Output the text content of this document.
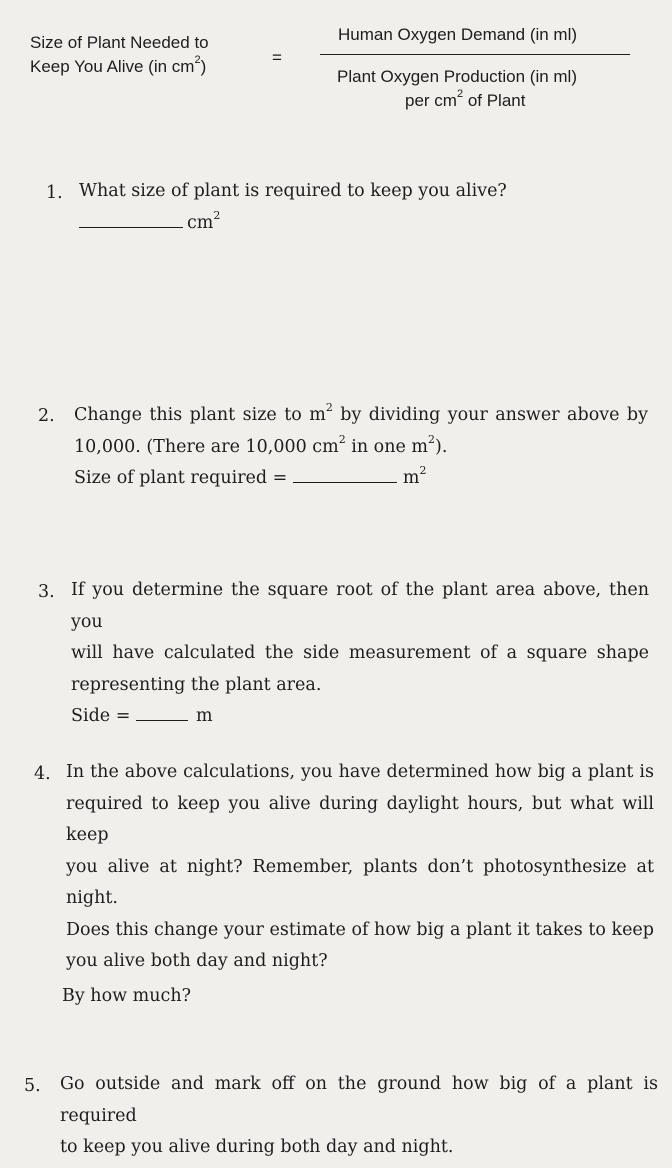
Size of Plant Needed to
Keep You Alive (in $cm^2$)	=
Human Oxygen Demand (in ml)
Plant Oxygen Production (in ml)
per $cm^2$ of Plant
1. What size of plant is required to keep you alive?
$cm^2$
2. Change this plant size to $m^2$ by dividing your answer above by
10,000. (There are 10,000 $cm^2$ in one $m^2$).
Size of plant required =	$m^2$
3. If you determine the square root of the plant area above, then you
will have calculated the side measurement of a square shape
representing the plant area.
Side =	m
4. In the above calculations, you have determined how big a plant is
required to keep you alive during daylight hours, but what will keep
you alive at night? Remember, plants don’t photosynthesize at night.
Does this change your estimate of how big a plant it takes to keep
you alive both day and night?
By how much?
5. Go outside and mark off on the ground how big of a plant is required
to keep you alive during both day and night.
